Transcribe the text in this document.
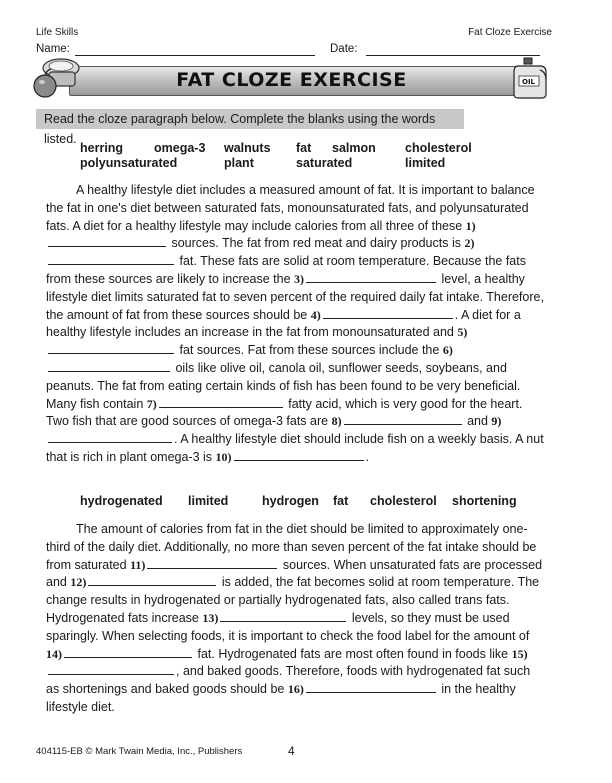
Life Skills	Fat Cloze Exercise
Name:	Date:
FAT CLOZE EXERCISE	OIL
Read the cloze paragraph below. Complete the blanks using the words listed.
herring omega-3 walnuts fat salmon cholesterol
polyunsaturated	plant	saturated	limited

A healthy lifestyle diet includes a measured amount of fat. It is important to balance the fat in one's diet between saturated fats, monounsaturated fats, and polyunsaturated fats. A diet for a healthy lifestyle may include calories from all three of these 1) sources. The fat from red meat and dairy products is 2) fat. These fats are solid at room temperature. Because the fats from these sources are likely to increase the 3)	level, a healthy lifestyle diet limits saturated fat to seven percent of the required daily fat intake. Therefore, the amount of fat from these sources should be 4)	. A diet for a healthy lifestyle includes an increase in the fat from monounsaturated and 5) fat sources. Fat from these sources include the 6) oils like olive oil, canola oil, sunflower seeds, soybeans, and peanuts. The fat from eating certain kinds of fish has been found to be very beneficial. Many fish contain 7)	fatty acid, which is very good for the heart. Two fish that are good sources of omega-3 fats are 8)	and 9). A healthy lifestyle diet should include fish on a weekly basis. A nut that is rich in plant omega-3 is 10)	.

hydrogenated limited	hydrogen fat cholesterol shortening

The amount of calories from fat in the diet should be limited to approximately one-third of the daily diet. Additionally, no more than seven percent of the fat intake should be from saturated 11)	sources. When unsaturated fats are processed and 12)	is added, the fat becomes solid at room temperature. The change results in hydrogenated or partially hydrogenated fats, also called trans fats. Hydrogenated fats increase 13)	levels, so they must be used sparingly. When selecting foods, it is important to check the food label for the amount of 14)	fat. Hydrogenated fats are most often found in foods like 15), and baked goods. Therefore, foods with hydrogenated fat such as shortenings and baked goods should be 16)	in the healthy lifestyle diet.

404115-EB © Mark Twain Media, Inc., Publishers	4
